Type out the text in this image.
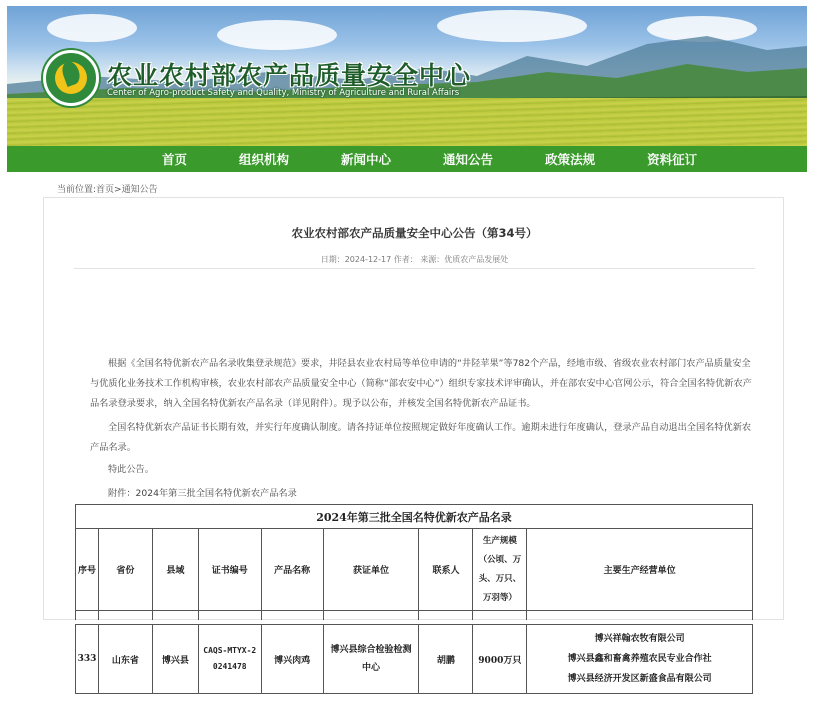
农业农村部农产品质量安全中心
Center of Agro-product Safety and Quality, Ministry of Agriculture and Rural Affairs
首页	组织机构	新闻中心	通知公告	政策法规	资料征订
当前位置:首页>通知公告
农业农村部农产品质量安全中心公告（第34号）
日期：2024-12-17 作者： 来源：优质农产品发展处
根据《全国名特优新农产品名录收集登录规范》要求，井陉县农业农村局等单位申请的“井陉苹果”等782个产品，经地市级、省级农业农村部门农产品质量安全与优质化业务技术工作机构审核，农业农村部农产品质量安全中心（简称“部农安中心”）组织专家技术评审确认，并在部农安中心官网公示，符合全国名特优新农产品名录登录要求，纳入全国名特优新农产品名录（详见附件）。现予以公布，并核发全国名特优新农产品证书。
全国名特优新农产品证书长期有效，并实行年度确认制度。请各持证单位按照规定做好年度确认工作。逾期未进行年度确认，登录产品自动退出全国名特优新农产品名录。
特此公告。
附件：2024年第三批全国名特优新农产品名录
2024年第三批全国名特优新农产品名录								
序号	省份	县域	证书编号	产品名称	获证单位	联系人	生产规模（公顷、万头、万只、万羽等）	主要生产经营单位

333	山东省	博兴县	CAQS-MTYX-20241478	博兴肉鸡	博兴县综合检验检测中心	胡鹏	9000万只	
博兴祥翰农牧有限公司
博兴县鑫和畜禽养殖农民专业合作社
博兴县经济开发区新盛食品有限公司
